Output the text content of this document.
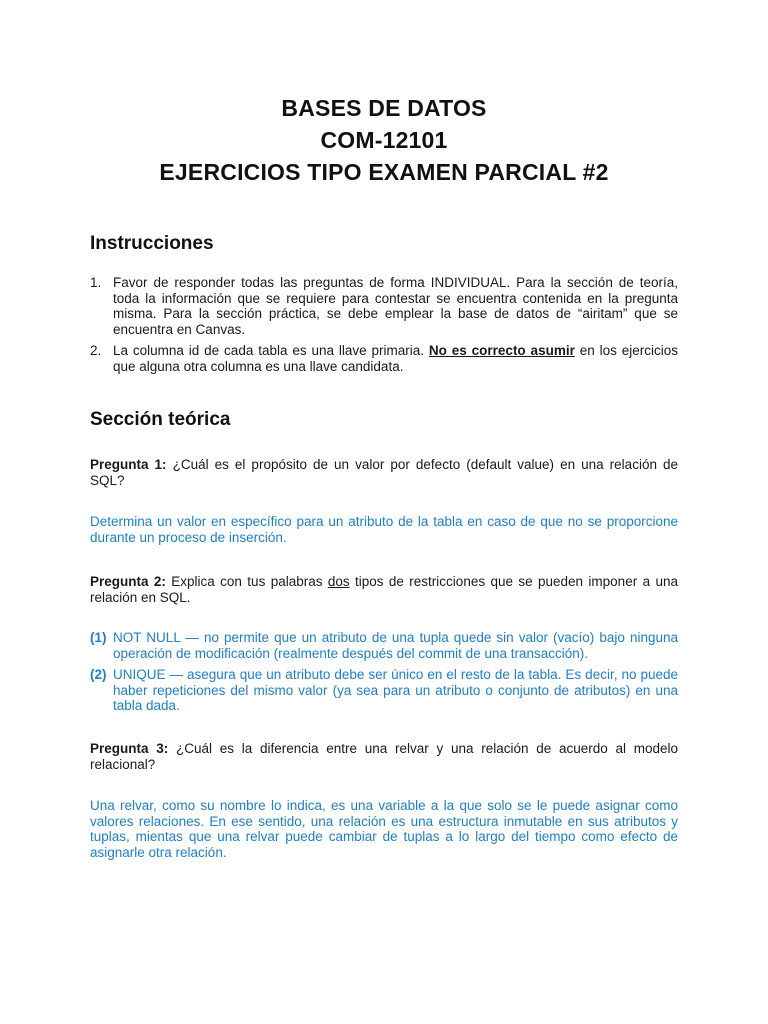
BASES DE DATOS
COM-12101
EJERCICIOS TIPO EXAMEN PARCIAL #2
Instrucciones
1. Favor de responder todas las preguntas de forma INDIVIDUAL. Para la sección de teoría, toda la información que se requiere para contestar se encuentra contenida en la pregunta misma. Para la sección práctica, se debe emplear la base de datos de “airitam” que se encuentra en Canvas.
2. La columna id de cada tabla es una llave primaria. No es correcto asumir en los ejercicios que alguna otra columna es una llave candidata.
Sección teórica

Pregunta 1: ¿Cuál es el propósito de un valor por defecto (default value) en una relación de SQL?

Determina un valor en específico para un atributo de la tabla en caso de que no se proporcione durante un proceso de inserción.

Pregunta 2: Explica con tus palabras dos tipos de restricciones que se pueden imponer a una relación en SQL.

(1) NOT NULL — no permite que un atributo de una tupla quede sin valor (vacío) bajo ninguna operación de modificación (realmente después del commit de una transacción).
(2) UNIQUE — asegura que un atributo debe ser único en el resto de la tabla. Es decir, no puede haber repeticiones del mismo valor (ya sea para un atributo o conjunto de atributos) en una tabla dada.

Pregunta 3: ¿Cuál es la diferencia entre una relvar y una relación de acuerdo al modelo relacional?

Una relvar, como su nombre lo indica, es una variable a la que solo se le puede asignar como valores relaciones. En ese sentido, una relación es una estructura inmutable en sus atributos y tuplas, mientas que una relvar puede cambiar de tuplas a lo largo del tiempo como efecto de asignarle otra relación.
